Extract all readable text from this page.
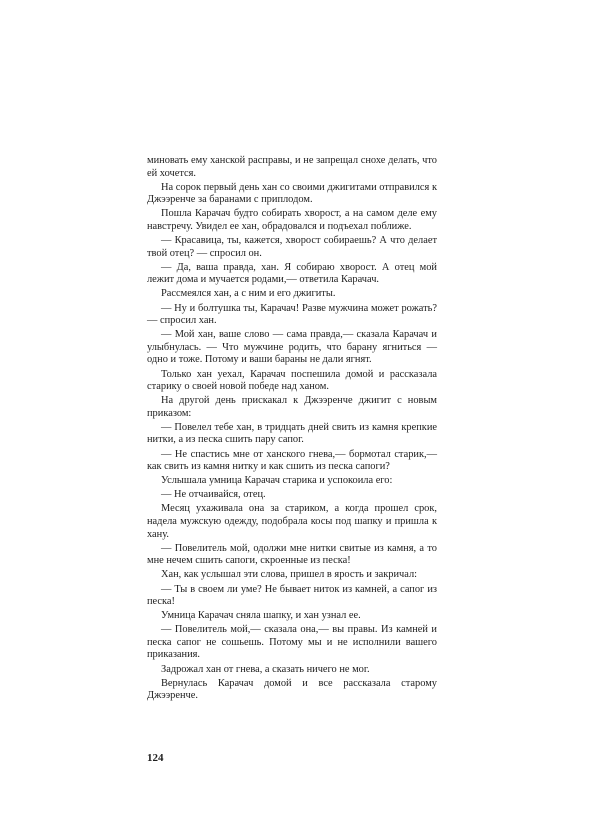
миновать ему ханской расправы, и не запрещал снохе делать, что ей хочется.

На сорок первый день хан со своими джигитами отправился к Джээренче за баранами с приплодом.

Пошла Карачач будто собирать хворост, а на самом деле ему навстречу. Увидел ее хан, обрадовался и подъехал поближе.

— Красавица, ты, кажется, хворост собираешь? А что делает твой отец? — спросил он.

— Да, ваша правда, хан. Я собираю хворост. А отец мой лежит дома и мучается родами,— ответила Карачач.

Рассмеялся хан, а с ним и его джигиты.

— Ну и болтушка ты, Карачач! Разве мужчина может рожать?— спросил хан.

— Мой хан, ваше слово — сама правда,— сказала Карачач и улыбнулась. — Что мужчине родить, что барану ягниться — одно и тоже. Потому и ваши бараны не дали ягнят.

Только хан уехал, Карачач поспешила домой и рассказала старику о своей новой победе над ханом.

На другой день прискакал к Джээренче джигит с новым приказом:

— Повелел тебе хан, в тридцать дней свить из камня крепкие нитки, а из песка сшить пару сапог.

— Не спастись мне от ханского гнева,— бормотал старик,— как свить из камня нитку и как сшить из песка сапоги?

Услышала умница Карачач старика и успокоила его:

— Не отчаивайся, отец.

Месяц ухаживала она за стариком, а когда прошел срок, надела мужскую одежду, подобрала косы под шапку и пришла к хану.

— Повелитель мой, одолжи мне нитки свитые из камня, а то мне нечем сшить сапоги, скроенные из песка!

Хан, как услышал эти слова, пришел в ярость и закричал:

— Ты в своем ли уме? Не бывает ниток из камней, а сапог из песка!

Умница Карачач сняла шапку, и хан узнал ее.

— Повелитель мой,— сказала она,— вы правы. Из камней и песка сапог не сошьешь. Потому мы и не исполнили вашего приказания.

Задрожал хан от гнева, а сказать ничего не мог.

Вернулась Карачач домой и все рассказала старому Джээренче.

124
